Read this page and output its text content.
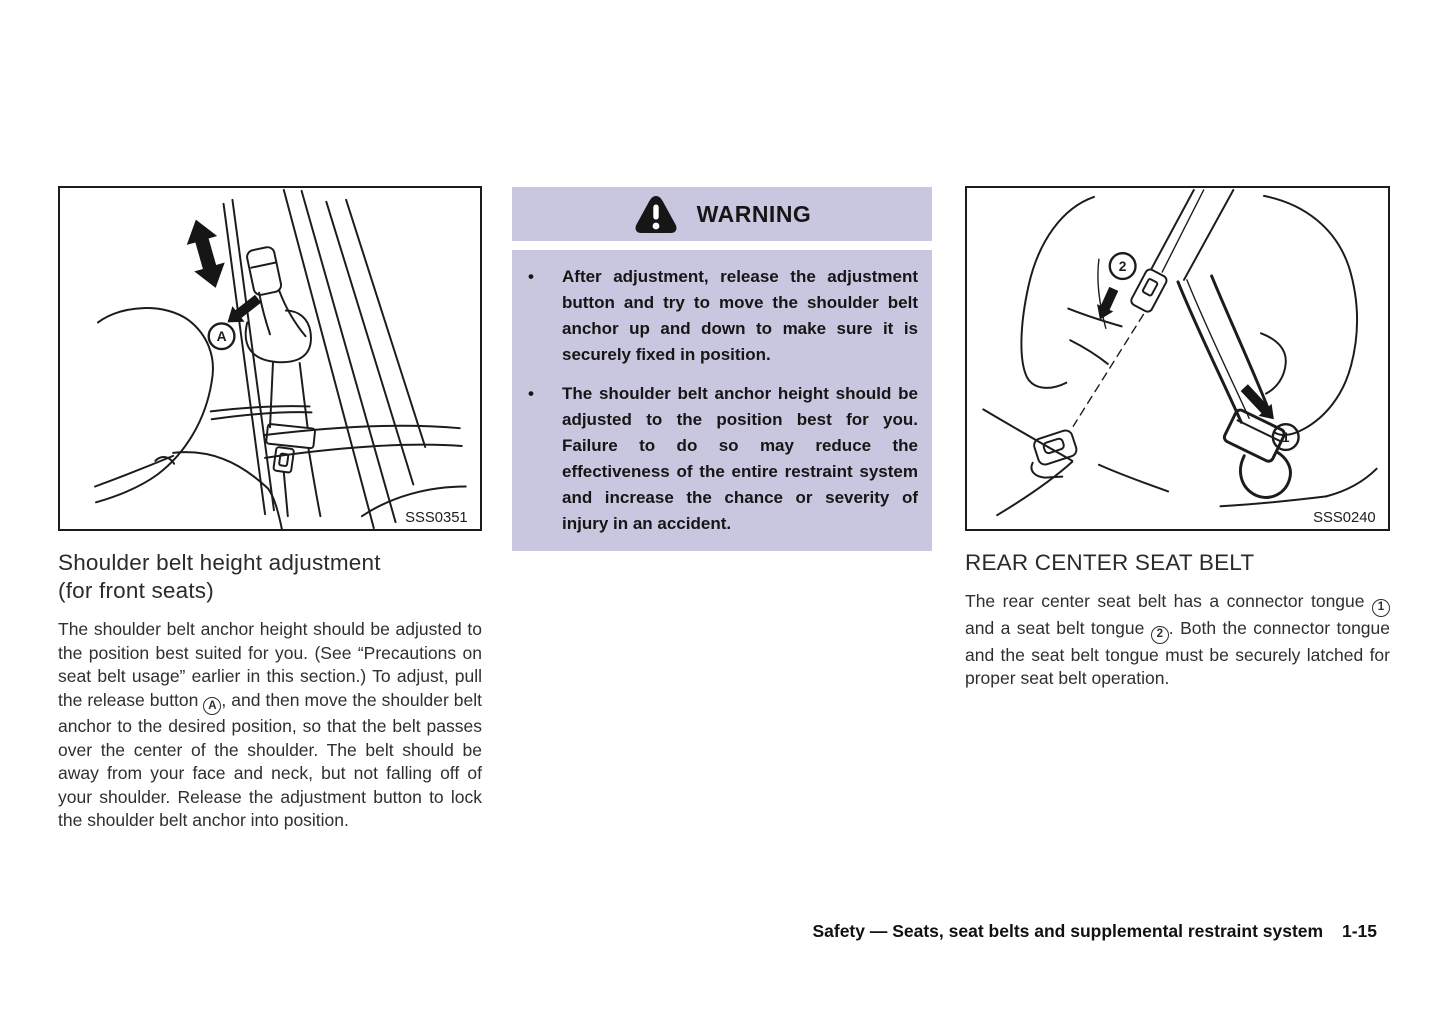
A
SSS0351
WARNING
•	After adjustment, release the adjustment button and try to move the shoulder belt anchor up and down to make sure it is securely fixed in position.

•	The shoulder belt anchor height should be adjusted to the position best for you. Failure to do so may reduce the effectiveness of the entire restraint system and increase the chance or severity of injury in an accident.

2
1
SSS0240
Shoulder belt height adjustment
(for front seats)

The shoulder belt anchor height should be adjusted to the position best suited for you. (See “Precautions on seat belt usage” earlier in this section.) To adjust, pull the release button A , and then move the shoulder belt anchor to the desired position, so that the belt passes over the center of the shoulder. The belt should be away from your face and neck, but not falling off of your shoulder. Release the adjustment button to lock the shoulder belt anchor into position.

REAR CENTER SEAT BELT

The rear center seat belt has a connector tongue 1 and a seat belt tongue 2 . Both the connector tongue and the seat belt tongue must be securely latched for proper seat belt operation.

Safety — Seats, seat belts and supplemental restraint system 1-15
